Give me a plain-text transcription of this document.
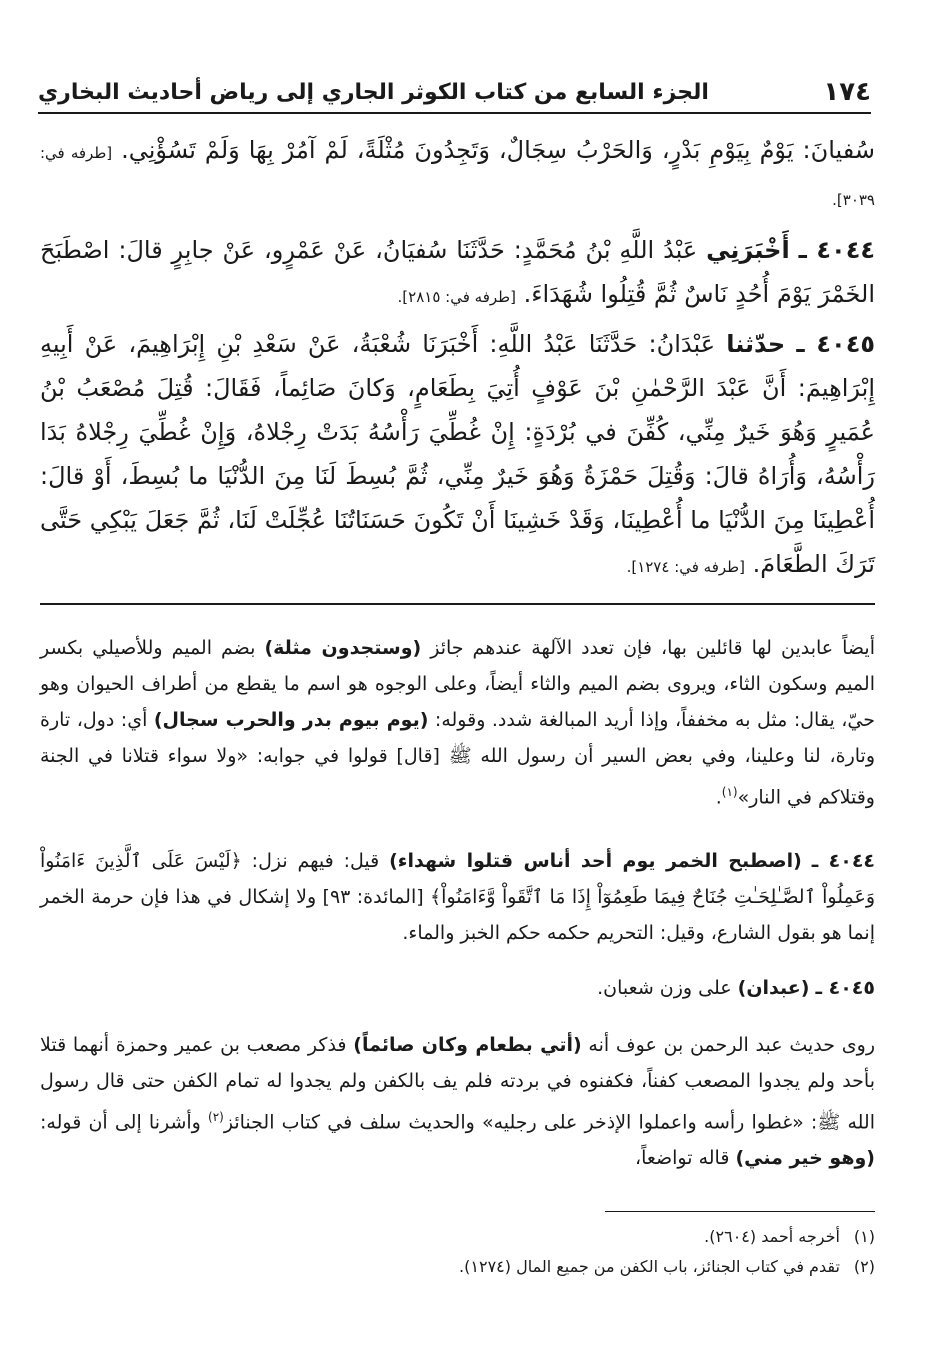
١٧٤
الجزء السابع من كتاب الكوثر الجاري إلى رياض أحاديث البخاري

سُفيانَ: يَوْمٌ بِيَوْمِ بَدْرٍ، وَالحَرْبُ سِجَالٌ، وَتَجِدُونَ مُثْلَةً، لَمْ آمُرْ بِهَا وَلَمْ تَسُؤْنِي. [طرفه في: ٣٠٣٩].

٤٠٤٤ ـ أَخْبَرَنِي عَبْدُ اللَّهِ بْنُ مُحَمَّدٍ: حَدَّثَنَا سُفيَانُ، عَنْ عَمْرٍو، عَنْ جابِرٍ قالَ: اصْطَبَحَ الخَمْرَ يَوْمَ أُحُدٍ نَاسٌ ثُمَّ قُتِلُوا شُهَدَاءَ. [طرفه في: ٢٨١٥].

٤٠٤٥ ـ حدّثنا عَبْدَانُ: حَدَّثَنَا عَبْدُ اللَّهِ: أَخْبَرَنَا شُعْبَةُ، عَنْ سَعْدِ بْنِ إِبْرَاهِيمَ، عَنْ أَبِيهِ إِبْرَاهِيمَ: أَنَّ عَبْدَ الرَّحْمٰنِ بْنَ عَوْفٍ أُتِيَ بِطَعَامٍ، وَكانَ صَائِماً، فَقَالَ: قُتِلَ مُصْعَبُ بْنُ عُمَيرٍ وَهُوَ خَيرٌ مِنِّي، كُفِّنَ في بُرْدَةٍ: إِنْ غُطِّيَ رَأْسُهُ بَدَتْ رِجْلاهُ، وَإِنْ غُطِّيَ رِجْلاهُ بَدَا رَأْسُهُ، وَأُرَاهُ قالَ: وَقُتِلَ حَمْزَةُ وَهُوَ خَيرٌ مِنِّي، ثُمَّ بُسِطَ لَنَا مِنَ الدُّنْيَا ما بُسِطَ، أَوْ قالَ: أُعْطِينَا مِنَ الدُّنْيَا ما أُعْطِينَا، وَقَدْ خَشِينَا أَنْ تَكُونَ حَسَنَاتُنَا عُجِّلَتْ لَنَا، ثُمَّ جَعَلَ يَبْكِي حَتَّى تَرَكَ الطَّعَامَ. [طرفه في: ١٢٧٤].

أيضاً عابدين لها قائلين بها، فإن تعدد الآلهة عندهم جائز (وستجدون مثلة) بضم الميم وللأصيلي بكسر الميم وسكون الثاء، ويروى بضم الميم والثاء أيضاً، وعلى الوجوه هو اسم ما يقطع من أطراف الحيوان وهو حيّ، يقال: مثل به مخففاً، وإذا أريد المبالغة شدد. وقوله: (يوم بيوم بدر والحرب سجال) أي: دول، تارة وتارة، لنا وعلينا، وفي بعض السير أن رسول الله ﷺ [قال] قولوا في جوابه: «ولا سواء قتلانا في الجنة وقتلاكم في النار»$^{(١)}$.

٤٠٤٤ ـ (اصطبح الخمر يوم أحد أناس قتلوا شهداء) قيل: فيهم نزل: ﴿لَيْسَ عَلَى ٱلَّذِينَ ءَامَنُواْ وَعَمِلُواْ ٱلصَّـٰلِحَـٰتِ جُنَاحٌ فِيمَا طَعِمُوٓاْ إِذَا مَا ٱتَّقَواْ وَّءَامَنُواْ﴾ [المائدة: ٩٣] ولا إشكال في هذا فإن حرمة الخمر إنما هو بقول الشارع، وقيل: التحريم حكمه حكم الخبز والماء.

٤٠٤٥ ـ (عبدان) على وزن شعبان.

روى حديث عبد الرحمن بن عوف أنه (أتي بطعام وكان صائماً) فذكر مصعب بن عمير وحمزة أنهما قتلا بأحد ولم يجدوا المصعب كفناً، فكفنوه في بردته فلم يف بالكفن ولم يجدوا له تمام الكفن حتى قال رسول الله ﷺ: «غطوا رأسه واعملوا الإذخر على رجليه» والحديث سلف في كتاب الجنائز$^{(٢)}$ وأشرنا إلى أن قوله: (وهو خير مني) قاله تواضعاً،

(١)أخرجه أحمد (٢٦٠٤).

(٢)تقدم في كتاب الجنائز، باب الكفن من جميع المال (١٢٧٤).
